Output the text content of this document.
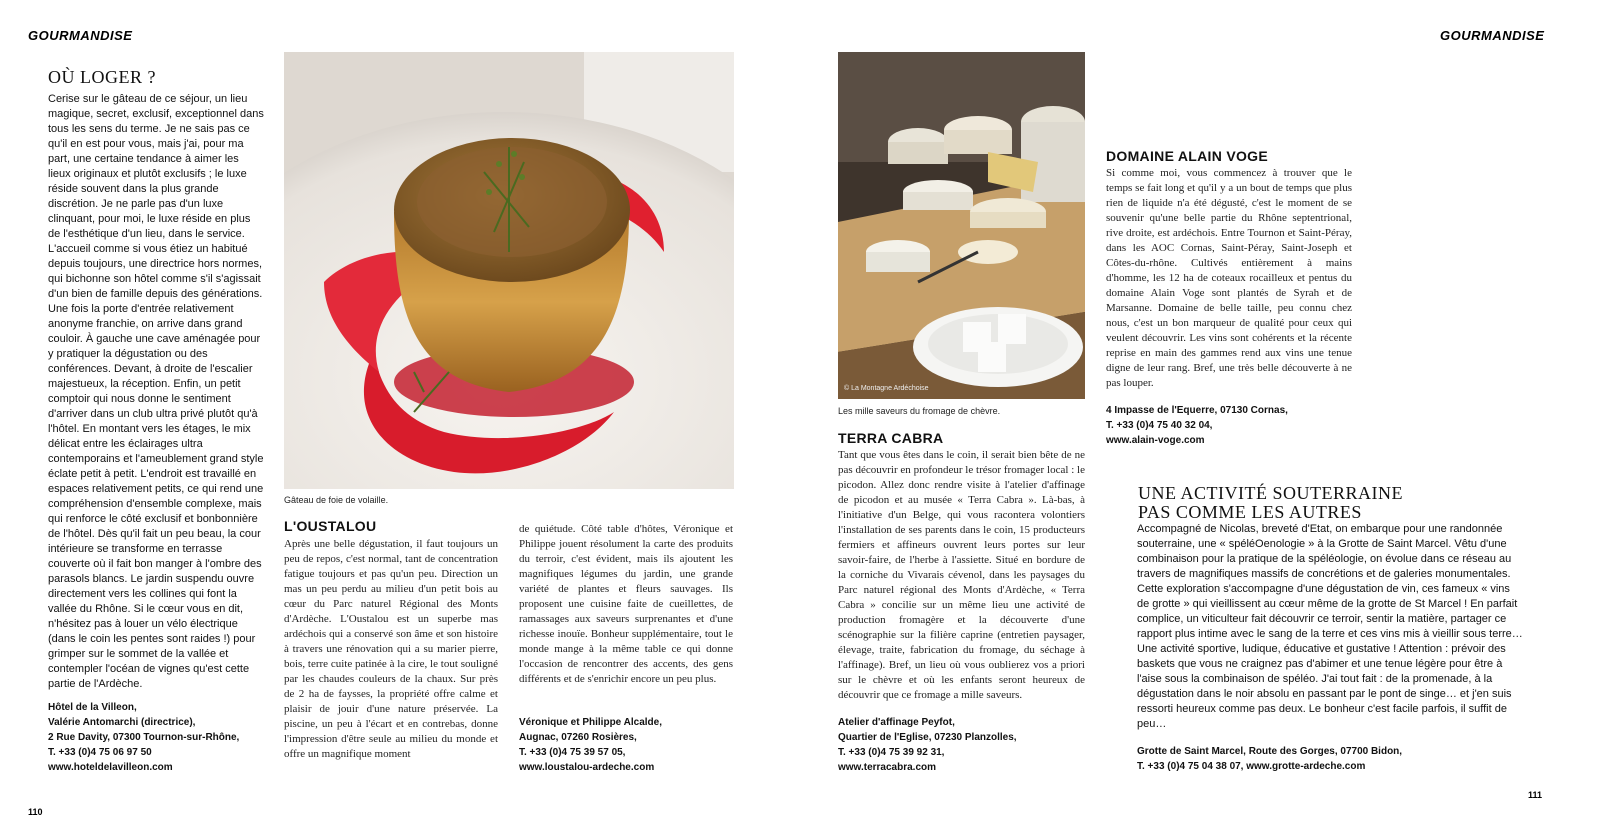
GOURMANDISE
OÙ LOGER ?

Cerise sur le gâteau de ce séjour, un lieu magique, secret, exclusif, exceptionnel dans tous les sens du terme. Je ne sais pas ce qu'il en est pour vous, mais j'ai, pour ma part, une certaine tendance à aimer les lieux originaux et plutôt exclusifs ; le luxe réside souvent dans la plus grande discrétion. Je ne parle pas d'un luxe clinquant, pour moi, le luxe réside en plus de l'esthétique d'un lieu, dans le service. L'accueil comme si vous étiez un habitué depuis toujours, une directrice hors normes, qui bichonne son hôtel comme s'il s'agissait d'un bien de famille depuis des générations. Une fois la porte d'entrée relativement anonyme franchie, on arrive dans grand couloir. À gauche une cave aménagée pour y pratiquer la dégustation ou des conférences. Devant, à droite de l'escalier majestueux, la réception. Enfin, un petit comptoir qui nous donne le sentiment d'arriver dans un club ultra privé plutôt qu'à l'hôtel. En montant vers les étages, le mix délicat entre les éclairages ultra contemporains et l'ameublement grand style éclate petit à petit. L'endroit est travaillé en espaces relativement petits, ce qui rend une compréhension d'ensemble complexe, mais qui renforce le côté exclusif et bonbonnière de l'hôtel. Dès qu'il fait un peu beau, la cour intérieure se transforme en terrasse couverte où il fait bon manger à l'ombre des parasols blancs. Le jardin suspendu ouvre directement vers les collines qui font la vallée du Rhône. Si le cœur vous en dit, n'hésitez pas à louer un vélo électrique (dans le coin les pentes sont raides !) pour grimper sur le sommet de la vallée et contempler l'océan de vignes qu'est cette partie de l'Ardèche.

Hôtel de la Villeon,
Valérie Antomarchi (directrice),
2 Rue Davity, 07300 Tournon-sur-Rhône,
T. +33 (0)4 75 06 97 50
www.hoteldelavilleon.com
Gâteau de foie de volaille.
L'OUSTALOU

Après une belle dégustation, il faut toujours un peu de repos, c'est normal, tant de concentration fatigue toujours et pas qu'un peu. Direction un mas un peu perdu au milieu d'un petit bois au cœur du Parc naturel Régional des Monts d'Ardèche. L'Oustalou est un superbe mas ardéchois qui a conservé son âme et son histoire à travers une rénovation qui a su marier pierre, bois, terre cuite patinée à la cire, le tout souligné par les chaudes couleurs de la chaux. Sur près de 2 ha de faysses, la propriété offre calme et plaisir de jouir d'une nature préservée. La piscine, un peu à l'écart et en contrebas, donne l'impression d'être seule au milieu du monde et offre un magnifique moment

de quiétude. Côté table d'hôtes, Véronique et Philippe jouent résolument la carte des produits du terroir, c'est évident, mais ils ajoutent les magnifiques légumes du jardin, une grande variété de plantes et fleurs sauvages. Ils proposent une cuisine faite de cueillettes, de ramassages aux saveurs surprenantes et d'une richesse inouïe. Bonheur supplémentaire, tout le monde mange à la même table ce qui donne l'occasion de rencontrer des accents, des gens différents et de s'enrichir encore un peu plus.

Véronique et Philippe Alcalde,
Augnac, 07260 Rosières,
T. +33 (0)4 75 39 57 05,
www.loustalou-ardeche.com
110
GOURMANDISE
© La Montagne Ardéchoise
Les mille saveurs du fromage de chèvre.
TERRA CABRA

Tant que vous êtes dans le coin, il serait bien bête de ne pas découvrir en profondeur le trésor fromager local : le picodon. Allez donc rendre visite à l'atelier d'affinage de picodon et au musée « Terra Cabra ». Là-bas, à l'initiative d'un Belge, qui vous racontera volontiers l'installation de ses parents dans le coin, 15 producteurs fermiers et affineurs ouvrent leurs portes sur leur savoir-faire, de l'herbe à l'assiette. Situé en bordure de la corniche du Vivarais cévenol, dans les paysages du Parc naturel régional des Monts d'Ardèche, « Terra Cabra » concilie sur un même lieu une activité de production fromagère et la découverte d'une scénographie sur la filière caprine (entretien paysager, élevage, traite, fabrication du fromage, du séchage à l'affinage). Bref, un lieu où vous oublierez vos a priori sur le chèvre et où les enfants seront heureux de découvrir que ce fromage a mille saveurs.

Atelier d'affinage Peyfot,
Quartier de l'Eglise, 07230 Planzolles,
T. +33 (0)4 75 39 92 31,
www.terracabra.com
DOMAINE ALAIN VOGE

Si comme moi, vous commencez à trouver que le temps se fait long et qu'il y a un bout de temps que plus rien de liquide n'a été dégusté, c'est le moment de se souvenir qu'une belle partie du Rhône septentrional, rive droite, est ardéchois. Entre Tournon et Saint-Péray, dans les AOC Cornas, Saint-Péray, Saint-Joseph et Côtes-du-rhône. Cultivés entièrement à mains d'homme, les 12 ha de coteaux rocailleux et pentus du domaine Alain Voge sont plantés de Syrah et de Marsanne. Domaine de belle taille, peu connu chez nous, c'est un bon marqueur de qualité pour ceux qui veulent découvrir. Les vins sont cohérents et la récente reprise en main des gammes rend aux vins une tenue digne de leur rang. Bref, une très belle découverte à ne pas louper.

4 Impasse de l'Equerre, 07130 Cornas,
T. +33 (0)4 75 40 32 04,
www.alain-voge.com
UNE ACTIVITÉ SOUTERRAINE
PAS COMME LES AUTRES

Accompagné de Nicolas, breveté d'Etat, on embarque pour une randonnée souterraine, une « spéléOenologie » à la Grotte de Saint Marcel. Vêtu d'une combinaison pour la pratique de la spéléologie, on évolue dans ce réseau au travers de magnifiques massifs de concrétions et de galeries monumentales. Cette exploration s'accompagne d'une dégustation de vin, ces fameux « vins de grotte » qui vieillissent au cœur même de la grotte de St Marcel ! En parfait complice, un viticulteur fait découvrir ce terroir, sentir la matière, partager ce rapport plus intime avec le sang de la terre et ces vins mis à vieillir sous terre… Une activité sportive, ludique, éducative et gustative ! Attention : prévoir des baskets que vous ne craignez pas d'abimer et une tenue légère pour être à l'aise sous la combinaison de spéléo. J'ai tout fait : de la promenade, à la dégustation dans le noir absolu en passant par le pont de singe… et j'en suis ressorti heureux comme pas deux. Le bonheur c'est facile parfois, il suffit de peu…

Grotte de Saint Marcel, Route des Gorges, 07700 Bidon,
T. +33 (0)4 75 04 38 07, www.grotte-ardeche.com
111
